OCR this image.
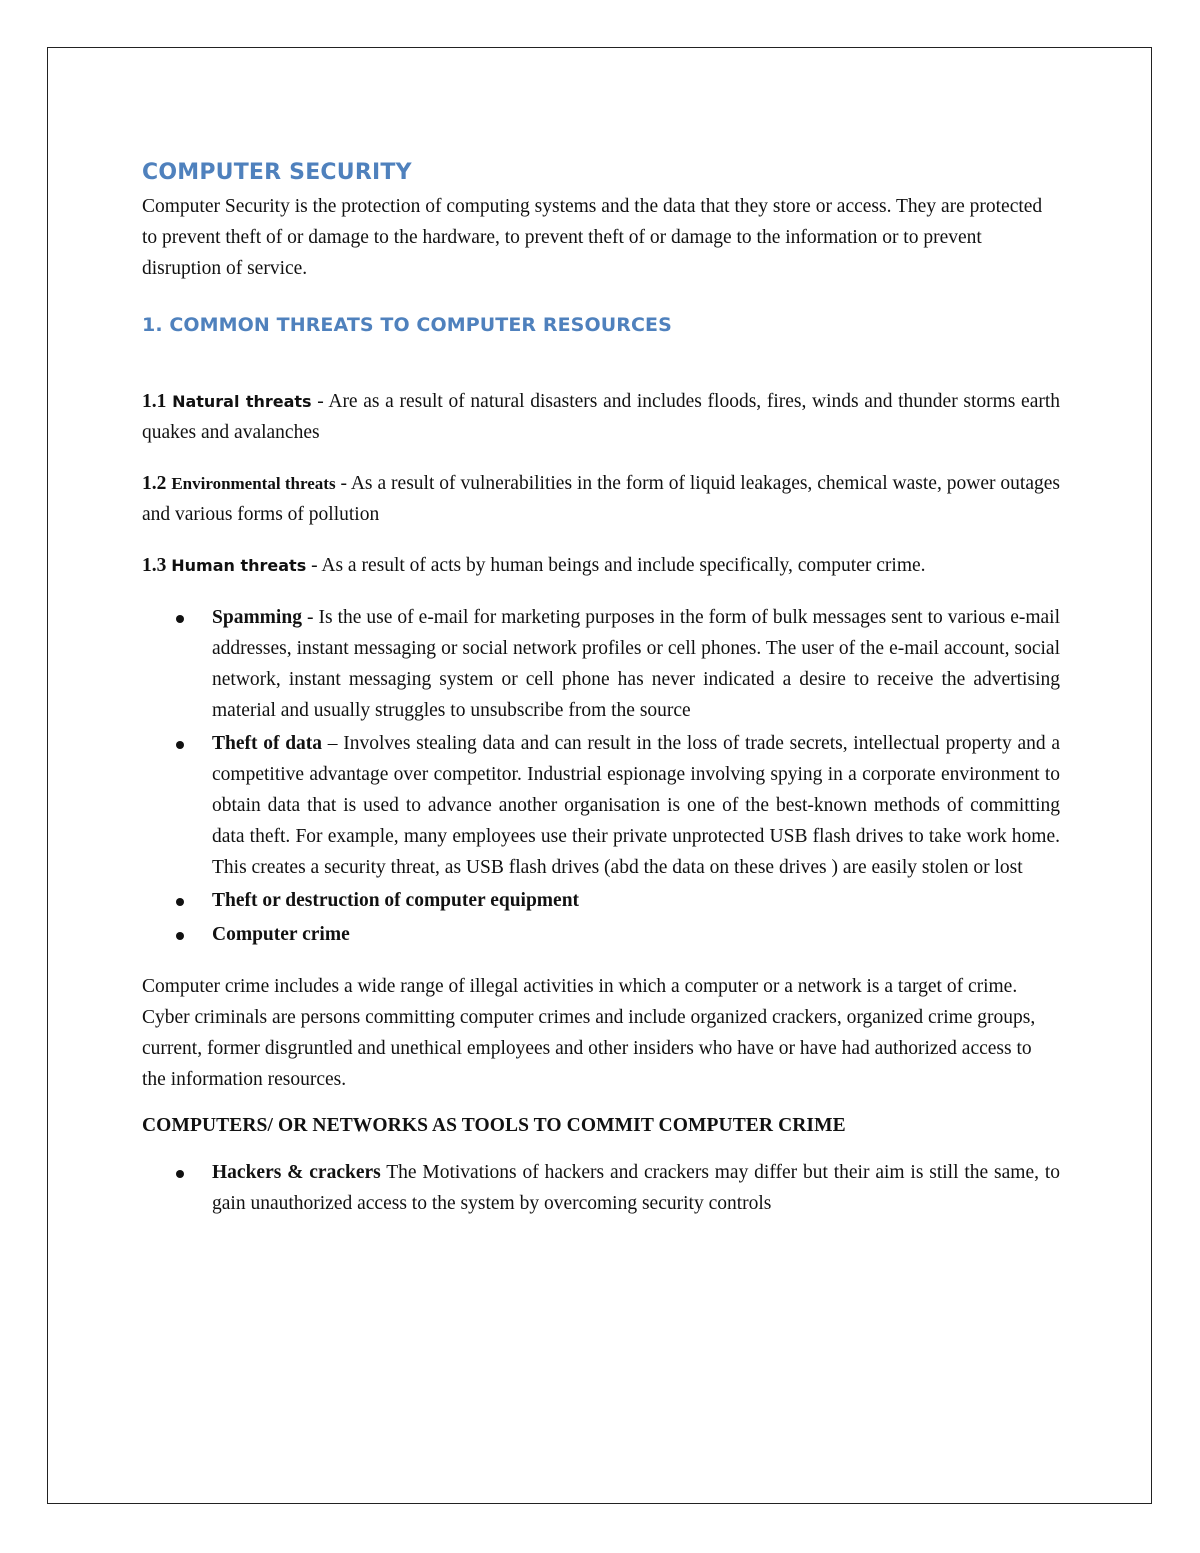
COMPUTER SECURITY

Computer Security is the protection of computing systems and the data that they store or access. They are protected to prevent theft of or damage to the hardware, to prevent theft of or damage to the information or to prevent disruption of service.

1. COMMON THREATS TO COMPUTER RESOURCES

1.1 Natural threats - Are as a result of natural disasters and includes floods, fires, winds and thunder storms earth quakes and avalanches

1.2 Environmental threats - As a result of vulnerabilities in the form of liquid leakages, chemical waste, power outages and various forms of pollution

1.3 Human threats - As a result of acts by human beings and include specifically, computer crime.

Spamming - Is the use of e-mail for marketing purposes in the form of bulk messages sent to various e-mail addresses, instant messaging or social network profiles or cell phones. The user of the e-mail account, social network, instant messaging system or cell phone has never indicated a desire to receive the advertising material and usually struggles to unsubscribe from the source
Theft of data – Involves stealing data and can result in the loss of trade secrets, intellectual property and a competitive advantage over competitor. Industrial espionage involving spying in a corporate environment to obtain data that is used to advance another organisation is one of the best-known methods of committing data theft. For example, many employees use their private unprotected USB flash drives to take work home. This creates a security threat, as USB flash drives (abd the data on these drives ) are easily stolen or lost
Theft or destruction of computer equipment
Computer crime

Computer crime includes a wide range of illegal activities in which a computer or a network is a target of crime. Cyber criminals are persons committing computer crimes and include organized crackers, organized crime groups, current, former disgruntled and unethical employees and other insiders who have or have had authorized access to the information resources.

COMPUTERS/ OR NETWORKS AS TOOLS TO COMMIT COMPUTER CRIME
Hackers & crackers The Motivations of hackers and crackers may differ but their aim is still the same, to gain unauthorized access to the system by overcoming security controls
